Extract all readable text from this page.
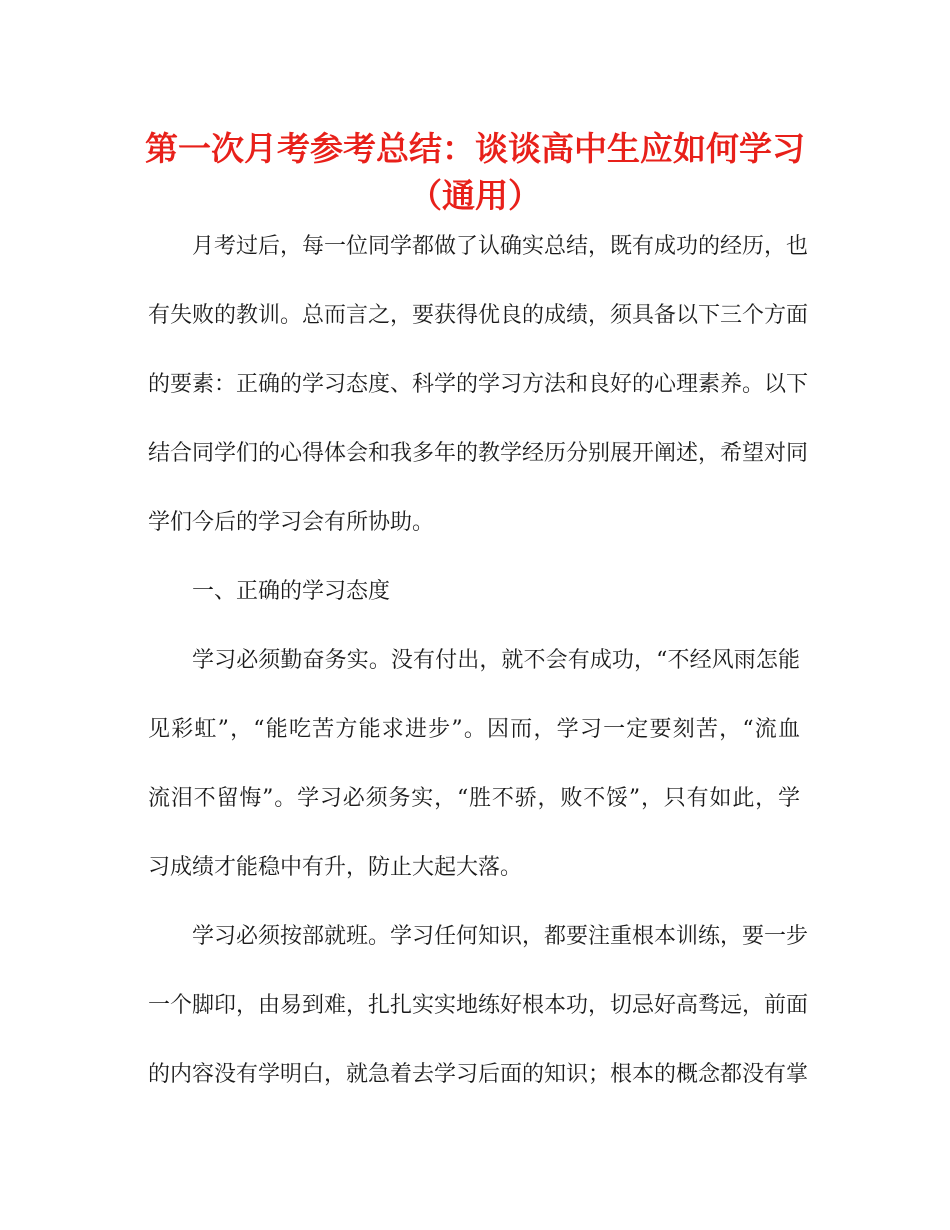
第一次月考参考总结：谈谈高中生应如何学习
（通用）

月考过后，每一位同学都做了认确实总结，既有成功的经历，也

有失败的教训。总而言之，要获得优良的成绩，须具备以下三个方面

的要素：正确的学习态度、科学的学习方法和良好的心理素养。以下

结合同学们的心得体会和我多年的教学经历分别展开阐述，希望对同

学们今后的学习会有所协助。

一、正确的学习态度

学习必须勤奋务实。没有付出，就不会有成功，“不经风雨怎能

见彩虹”，“能吃苦方能求进步”。因而，学习一定要刻苦，“流血

流泪不留悔”。学习必须务实，“胜不骄，败不馁”，只有如此，学

习成绩才能稳中有升，防止大起大落。

学习必须按部就班。学习任何知识，都要注重根本训练，要一步

一个脚印，由易到难，扎扎实实地练好根本功，切忌好高骛远，前面

的内容没有学明白，就急着去学习后面的知识；根本的概念都没有掌
